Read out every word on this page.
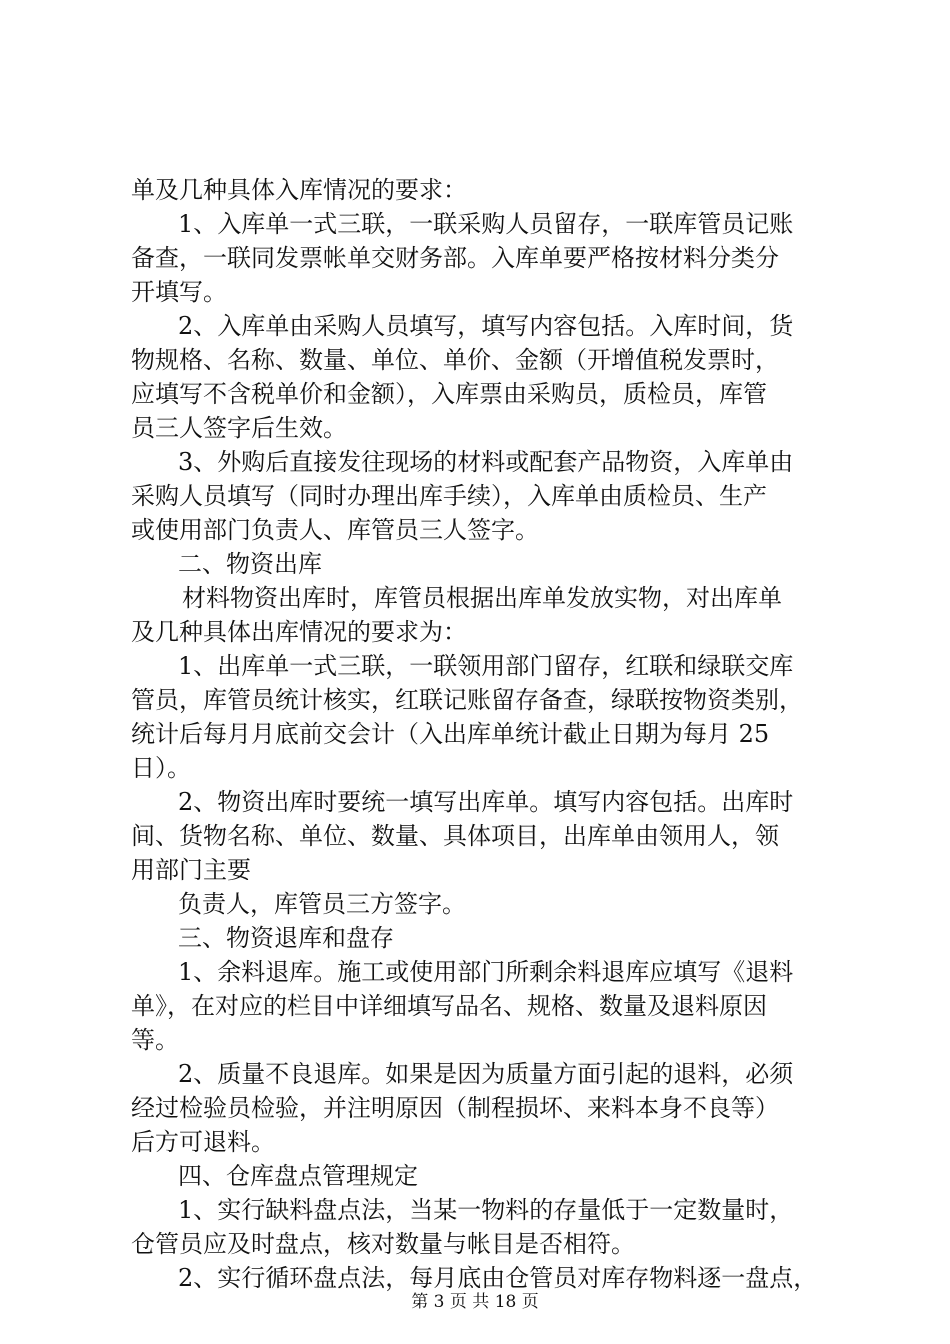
单及几种具体入库情况的要求：
1、入库单一式三联，一联采购人员留存，一联库管员记账
备查，一联同发票帐单交财务部。入库单要严格按材料分类分
开填写。
2、入库单由采购人员填写，填写内容包括。入库时间，货
物规格、名称、数量、单位、单价、金额（开增值税发票时，
应填写不含税单价和金额），入库票由采购员，质检员，库管
员三人签字后生效。
3、外购后直接发往现场的材料或配套产品物资，入库单由
采购人员填写（同时办理出库手续），入库单由质检员、生产
或使用部门负责人、库管员三人签字。
二、物资出库
材料物资出库时，库管员根据出库单发放实物，对出库单
及几种具体出库情况的要求为：
1、出库单一式三联，一联领用部门留存，红联和绿联交库
管员，库管员统计核实，红联记账留存备查，绿联按物资类别，
统计后每月月底前交会计（入出库单统计截止日期为每月 25
日）。
2、物资出库时要统一填写出库单。填写内容包括。出库时
间、货物名称、单位、数量、具体项目，出库单由领用人，领
用部门主要
负责人，库管员三方签字。
三、物资退库和盘存
1、余料退库。施工或使用部门所剩余料退库应填写《退料
单》，在对应的栏目中详细填写品名、规格、数量及退料原因
等。
2、质量不良退库。如果是因为质量方面引起的退料，必须
经过检验员检验，并注明原因（制程损坏、来料本身不良等）
后方可退料。
四、仓库盘点管理规定
1、实行缺料盘点法，当某一物料的存量低于一定数量时，
仓管员应及时盘点，核对数量与帐目是否相符。
2、实行循环盘点法，每月底由仓管员对库存物料逐一盘点，
第 3 页 共 18 页
